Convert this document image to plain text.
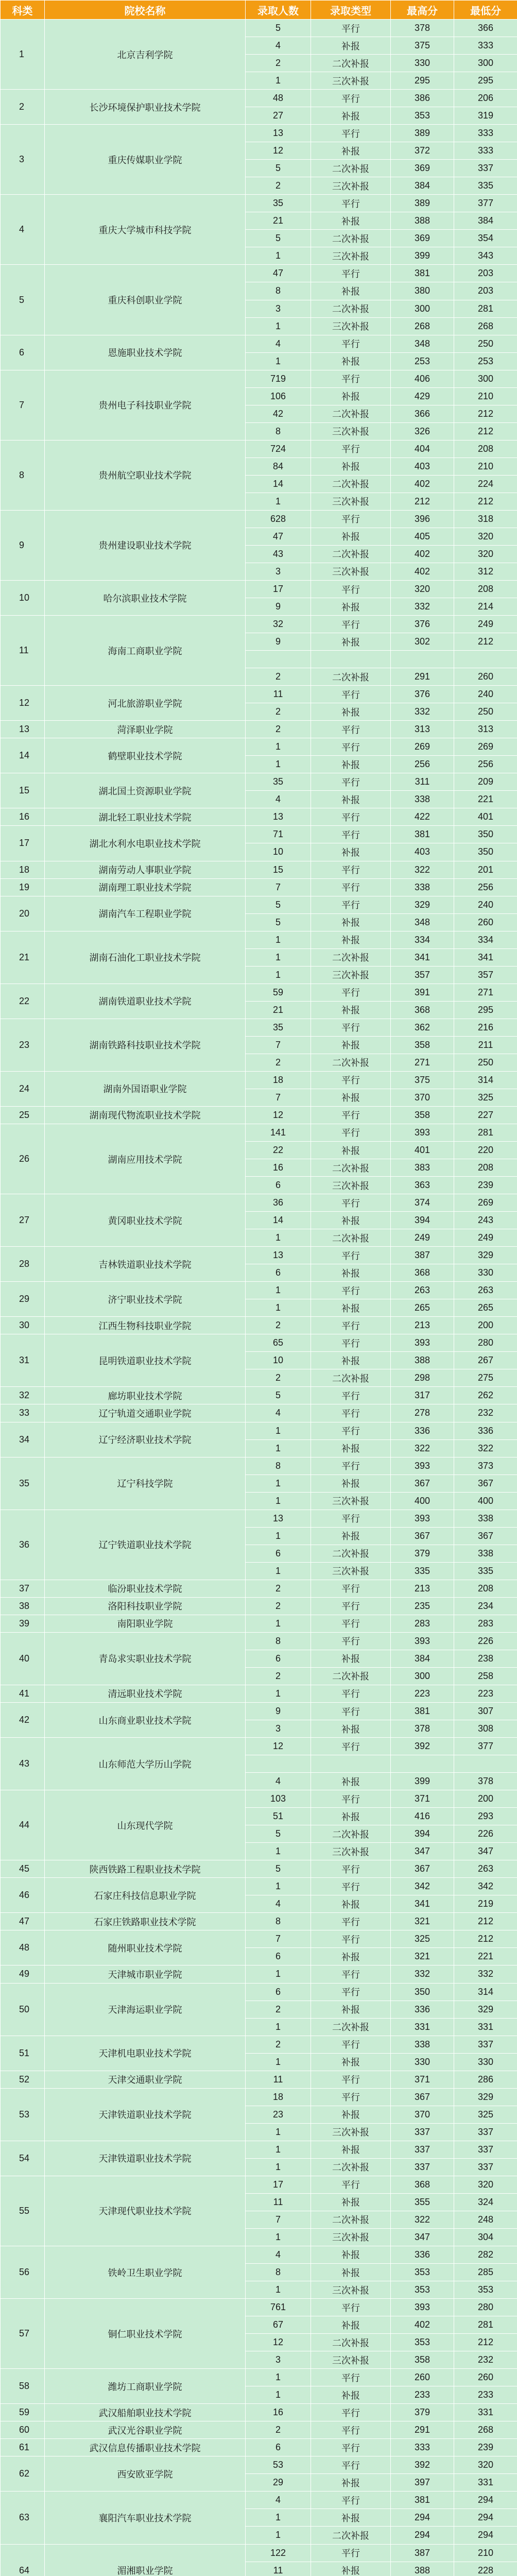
科类	院校名称	录取人数	录取类型	最高分	最低分
1	北京吉利学院	5	平行	378	366
		4	补报	375	333
		2	二次补报	330	300
		1	三次补报	295	295
2	长沙环境保护职业技术学院	48	平行	386	206
		27	补报	353	319
3	重庆传媒职业学院	13	平行	389	333
		12	补报	372	333
		5	二次补报	369	337
		2	三次补报	384	335
4	重庆大学城市科技学院	35	平行	389	377
		21	补报	388	384
		5	二次补报	369	354
		1	三次补报	399	343
5	重庆科创职业学院	47	平行	381	203
		8	补报	380	203
		3	二次补报	300	281
		1	三次补报	268	268
6	恩施职业技术学院	4	平行	348	250
		1	补报	253	253
7	贵州电子科技职业学院	719	平行	406	300
		106	补报	429	210
		42	二次补报	366	212
		8	三次补报	326	212
8	贵州航空职业技术学院	724	平行	404	208
		84	补报	403	210
		14	二次补报	402	224
		1	三次补报	212	212
9	贵州建设职业技术学院	628	平行	396	318
		47	补报	405	320
		43	二次补报	402	320
		3	三次补报	402	312
10	哈尔滨职业技术学院	17	平行	320	208
		9	补报	332	214
11	海南工商职业学院	32	平行	376	249
		9	补报	302	212

		2	二次补报	291	260
12	河北旅游职业学院	11	平行	376	240
		2	补报	332	250
13	菏泽职业学院	2	平行	313	313
14	鹤壁职业技术学院	1	平行	269	269
		1	补报	256	256
15	湖北国土资源职业学院	35	平行	311	209
		4	补报	338	221
16	湖北轻工职业技术学院	13	平行	422	401
17	湖北水利水电职业技术学院	71	平行	381	350
		10	补报	403	350
18	湖南劳动人事职业学院	15	平行	322	201
19	湖南理工职业技术学院	7	平行	338	256
20	湖南汽车工程职业学院	5	平行	329	240
		5	补报	348	260
21	湖南石油化工职业技术学院	1	补报	334	334
		1	二次补报	341	341
		1	三次补报	357	357
22	湖南铁道职业技术学院	59	平行	391	271
		21	补报	368	295
23	湖南铁路科技职业技术学院	35	平行	362	216
		7	补报	358	211
		2	二次补报	271	250
24	湖南外国语职业学院	18	平行	375	314
		7	补报	370	325
25	湖南现代物流职业技术学院	12	平行	358	227
26	湖南应用技术学院	141	平行	393	281
		22	补报	401	220
		16	二次补报	383	208
		6	三次补报	363	239
27	黄冈职业技术学院	36	平行	374	269
		14	补报	394	243
		1	二次补报	249	249
28	吉林铁道职业技术学院	13	平行	387	329
		6	补报	368	330
29	济宁职业技术学院	1	平行	263	263
		1	补报	265	265
30	江西生物科技职业学院	2	平行	213	200
31	昆明铁道职业技术学院	65	平行	393	280
		10	补报	388	267
		2	二次补报	298	275
32	廊坊职业技术学院	5	平行	317	262
33	辽宁轨道交通职业学院	4	平行	278	232
34	辽宁经济职业技术学院	1	平行	336	336
		1	补报	322	322
35	辽宁科技学院	8	平行	393	373
		1	补报	367	367
		1	三次补报	400	400
36	辽宁铁道职业技术学院	13	平行	393	338
		1	补报	367	367
		6	二次补报	379	338
		1	三次补报	335	335
37	临汾职业技术学院	2	平行	213	208
38	洛阳科技职业学院	2	平行	235	234
39	南阳职业学院	1	平行	283	283
40	青岛求实职业技术学院	8	平行	393	226
		6	补报	384	238
		2	二次补报	300	258
41	清远职业技术学院	1	平行	223	223
42	山东商业职业技术学院	9	平行	381	307
		3	补报	378	308
43	山东师范大学历山学院	12	平行	392	377

		4	补报	399	378
44	山东现代学院	103	平行	371	200
		51	补报	416	293
		5	二次补报	394	226
		1	三次补报	347	347
45	陕西铁路工程职业技术学院	5	平行	367	263
46	石家庄科技信息职业学院	1	平行	342	342
		4	补报	341	219
47	石家庄铁路职业技术学院	8	平行	321	212
48	随州职业技术学院	7	平行	325	212
		6	补报	321	221
49	天津城市职业学院	1	平行	332	332
50	天津海运职业学院	6	平行	350	314
		2	补报	336	329
		1	二次补报	331	331
51	天津机电职业技术学院	2	平行	338	337
		1	补报	330	330
52	天津交通职业学院	11	平行	371	286
53	天津铁道职业技术学院	18	平行	367	329
		23	补报	370	325
		1	三次补报	337	337
54	天津铁道职业技术学院	1	补报	337	337
		1	二次补报	337	337
55	天津现代职业技术学院	17	平行	368	320
		11	补报	355	324
		7	二次补报	322	248
		1	三次补报	347	304
56	铁岭卫生职业学院	4	补报	336	282
		8	补报	353	285
		1	三次补报	353	353
57	铜仁职业技术学院	761	平行	393	280
		67	补报	402	281
		12	二次补报	353	212
		3	三次补报	358	232
58	潍坊工商职业学院	1	平行	260	260
		1	补报	233	233
59	武汉船舶职业技术学院	16	平行	379	331
60	武汉光谷职业学院	2	平行	291	268
61	武汉信息传播职业技术学院	6	平行	333	239
62	西安欧亚学院	53	平行	392	320
		29	补报	397	331
63	襄阳汽车职业技术学院	4	平行	381	294
		1	补报	294	294
		1	二次补报	294	294
64	湄湘职业学院	122	平行	387	210
		11	补报	388	228
